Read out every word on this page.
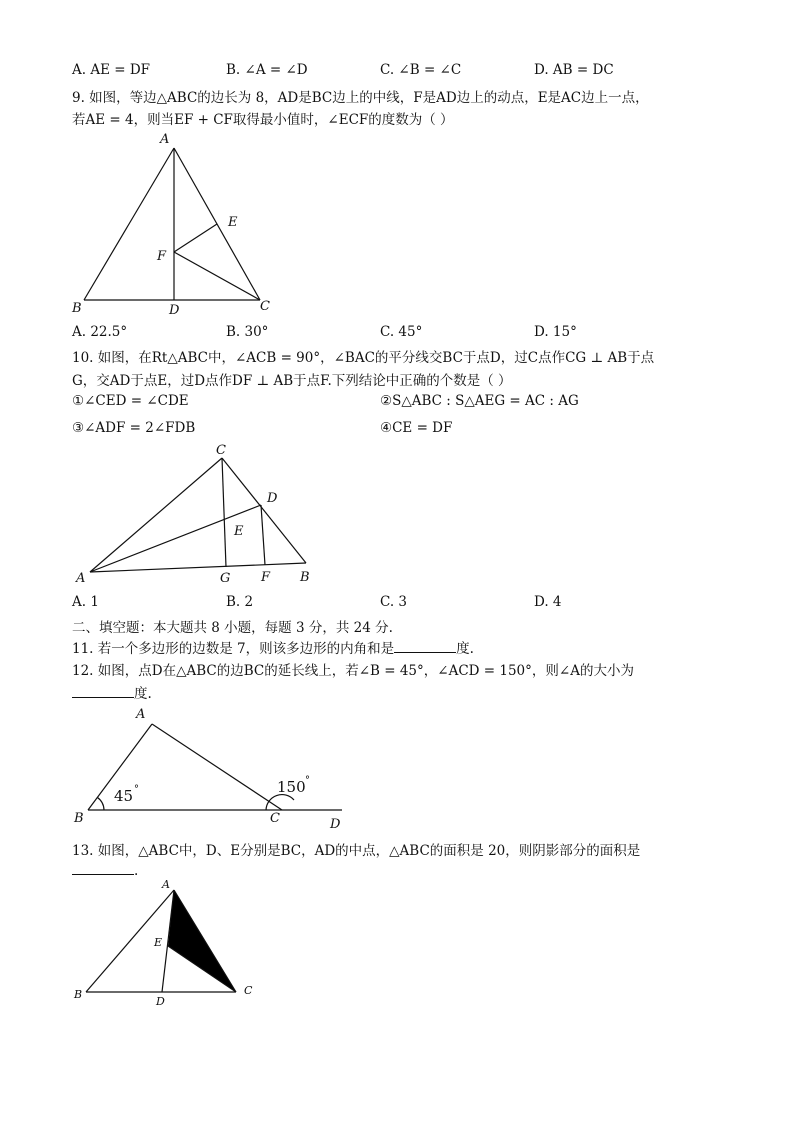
A. AE = DF	B. ∠A = ∠D	C. ∠B = ∠C	D. AB = DC
9. 如图，等边△ABC的边长为 8，AD是BC边上的中线，F是AD边上的动点，E是AC边上一点，
若AE = 4，则当EF + CF取得最小值时，∠ECF的度数为（ ）
A
B	C
D
E
F
A. 22.5°	B. 30°	C. 45°	D. 15°
10. 如图，在Rt△ABC中，∠ACB = 90°，∠BAC的平分线交BC于点D，过C点作CG ⊥ AB于点
G，交AD于点E，过D点作DF ⊥ AB于点F.下列结论中正确的个数是（ ）
①∠CED = ∠CDE	②S△ABC : S△AEG = AC : AG
③∠ADF = 2∠FDB	④CE = DF
C
D
E
A	G F B
A. 1	B. 2	C. 3	D. 4
二、填空题：本大题共 8 小题，每题 3 分，共 24 分.
11. 若一个多边形的边数是 7，则该多边形的内角和是	度.
12. 如图，点D在△ABC的边BC的延长线上，若∠B = 45°，∠ACD = 150°，则∠A的大小为
度.
A
B	C	D
45 °	150 °
13. 如图，△ABC中，D、E分别是BC，AD的中点，△ABC的面积是 20，则阴影部分的面积是
.
A
E
B
D
C
